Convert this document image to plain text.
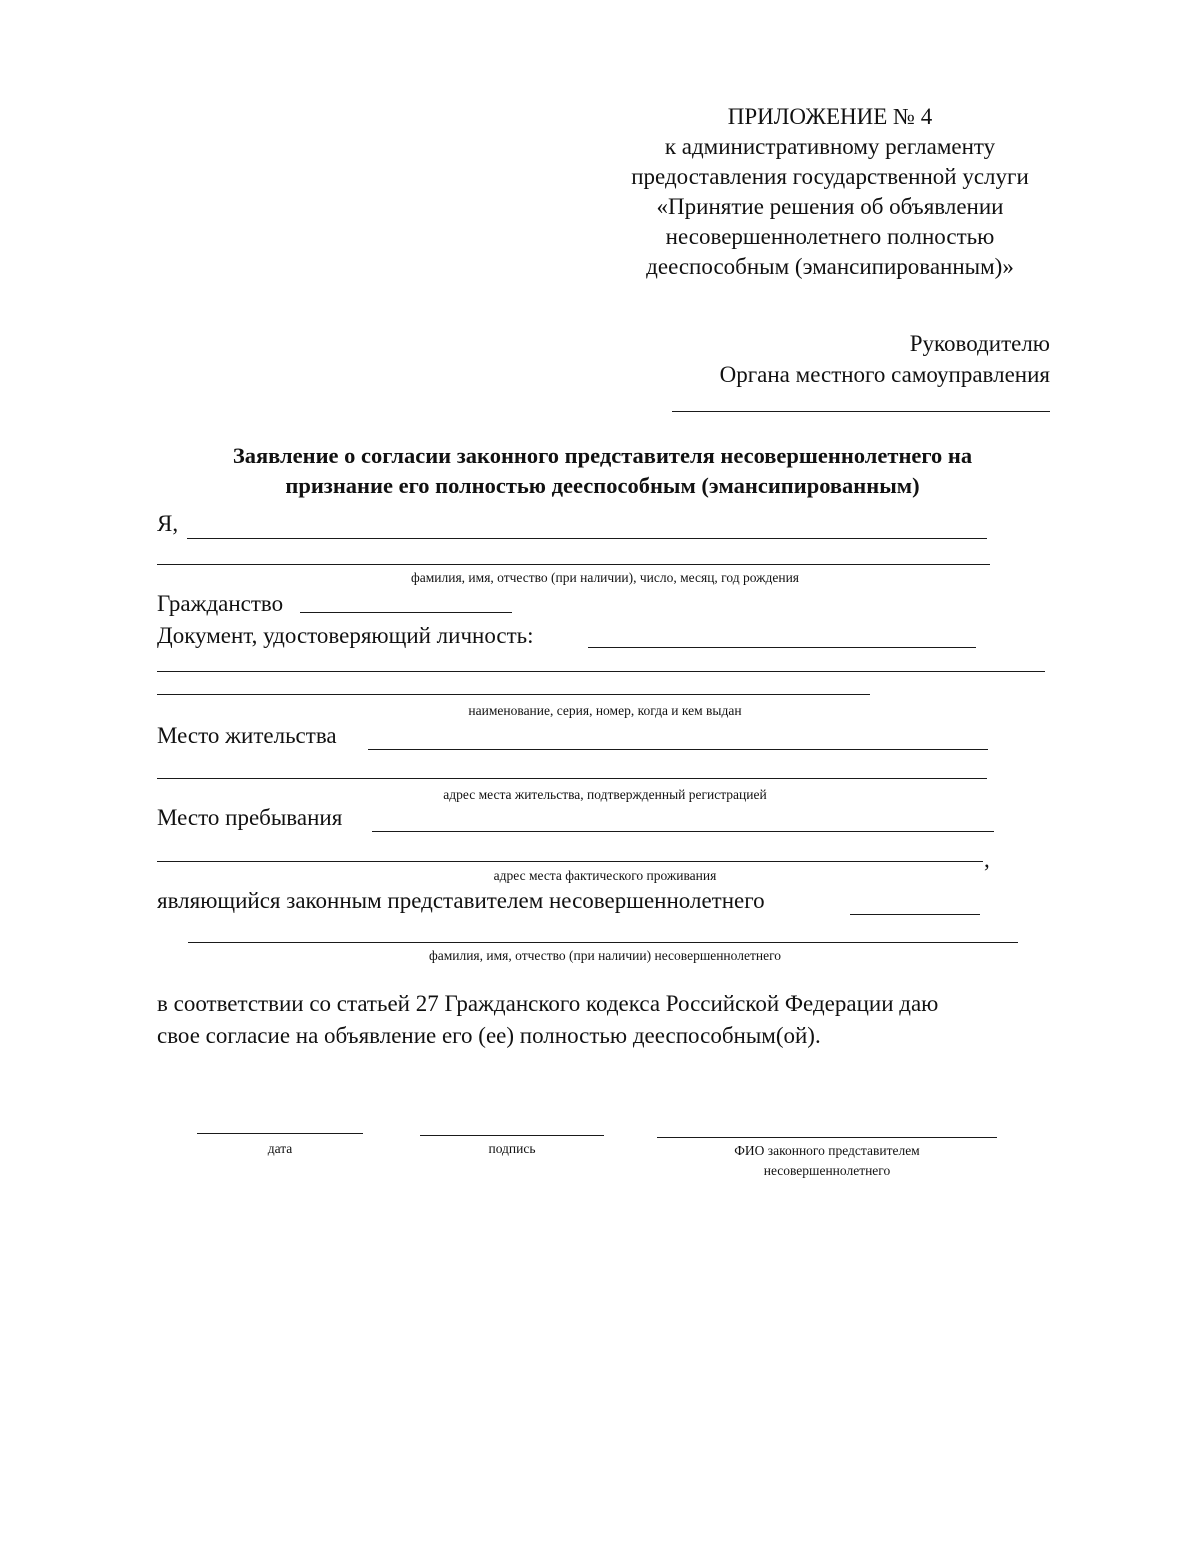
ПРИЛОЖЕНИЕ № 4
к административному регламенту
предоставления государственной услуги
«Принятие решения об объявлении
несовершеннолетнего полностью
дееспособным (эмансипированным)»
Руководителю
Органа местного самоуправления
Заявление о согласии законного представителя несовершеннолетнего на
признание его полностью дееспособным (эмансипированным)
Я,
фамилия, имя, отчество (при наличии), число, месяц, год рождения
Гражданство
Документ, удостоверяющий личность:
наименование, серия, номер, когда и кем выдан
Место жительства
адрес места жительства, подтвержденный регистрацией
Место пребывания
,
адрес места фактического проживания
являющийся законным представителем несовершеннолетнего
фамилия, имя, отчество (при наличии) несовершеннолетнего
в соответствии со статьей 27 Гражданского кодекса Российской Федерации даю
свое согласие на объявление его (ее) полностью дееспособным(ой).
дата	подпись	ФИО законного представителем
несовершеннолетнего
